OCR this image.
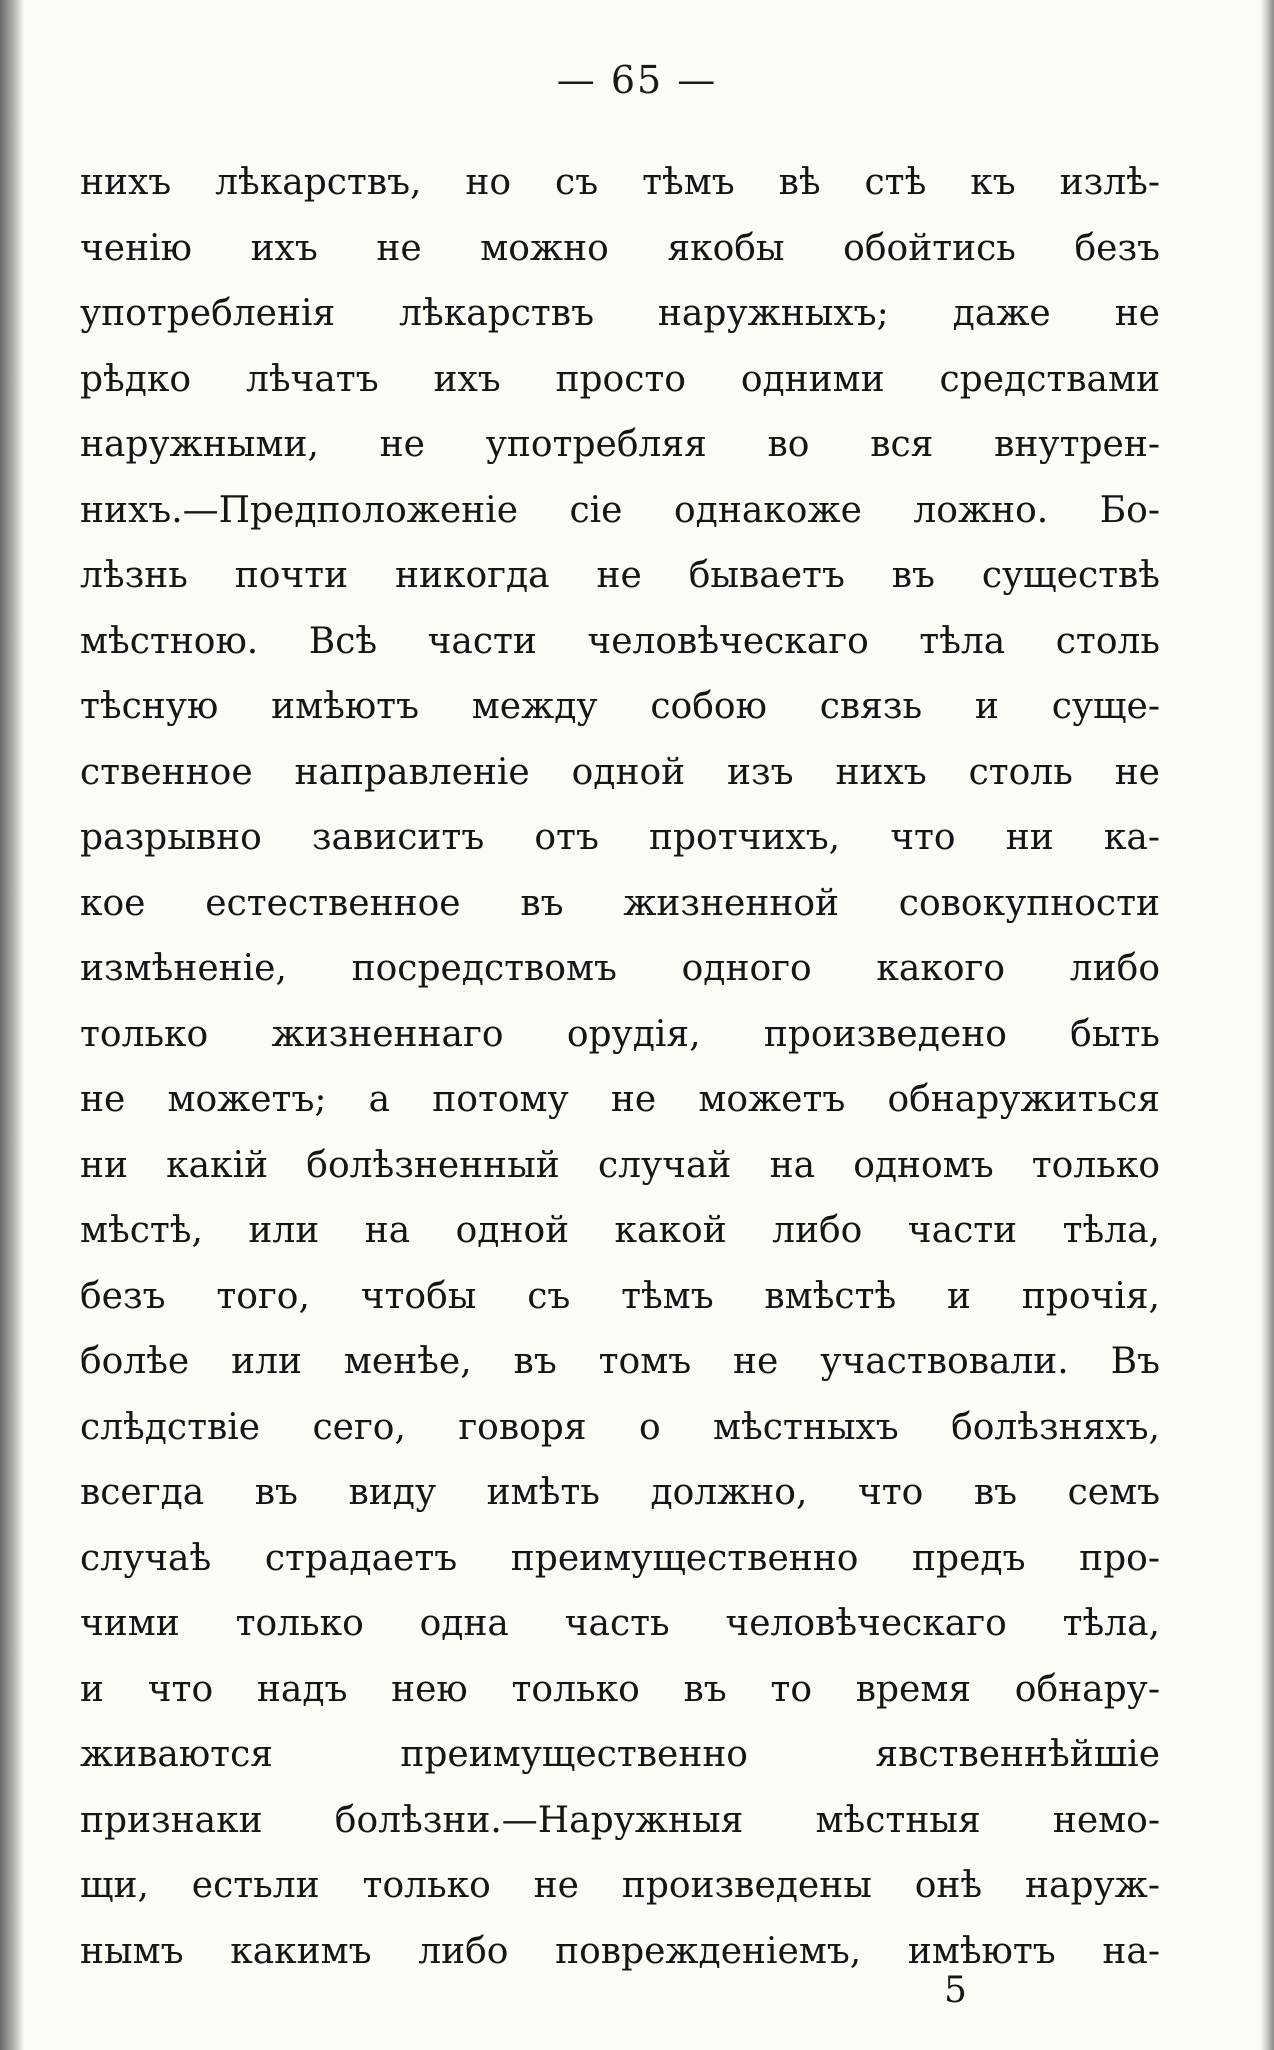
— 65 —
нихъ лѣкарствъ, но съ тѣмъ вѣ стѣ къ излѣ-
ченію ихъ не можно якобы обойтись безъ
употребленія лѣкарствъ наружныхъ; даже не
рѣдко лѣчатъ ихъ просто одними средствами
наружными, не употребляя во вся внутрен-
нихъ.—Предположеніе сіе однакоже ложно. Бо-
лѣзнь почти никогда не бываетъ въ существѣ
мѣстною. Всѣ части человѣческаго тѣла столь
тѣсную имѣютъ между собою связь и суще-
ственное направленіе одной изъ нихъ столь не
разрывно зависитъ отъ протчихъ, что ни ка-
кое естественное въ жизненной совокупности
измѣненіе, посредствомъ одного какого либо
только жизненнаго орудія, произведено быть
не можетъ; а потому не можетъ обнаружиться
ни какій болѣзненный случай на одномъ только
мѣстѣ, или на одной какой либо части тѣла,
безъ того, чтобы съ тѣмъ вмѣстѣ и прочія,
болѣе или менѣе, въ томъ не участвовали. Въ
слѣдствіе сего, говоря о мѣстныхъ болѣзняхъ,
всегда въ виду имѣть должно, что въ семъ
случаѣ страдаетъ преимущественно предъ про-
чими только одна часть человѣческаго тѣла,
и что надъ нею только въ то время обнару-
живаются преимущественно явственнѣйшіе
признаки болѣзни.—Наружныя мѣстныя немо-
щи, естьли только не произведены онѣ наруж-
нымъ какимъ либо поврежденіемъ, имѣютъ на-
5
